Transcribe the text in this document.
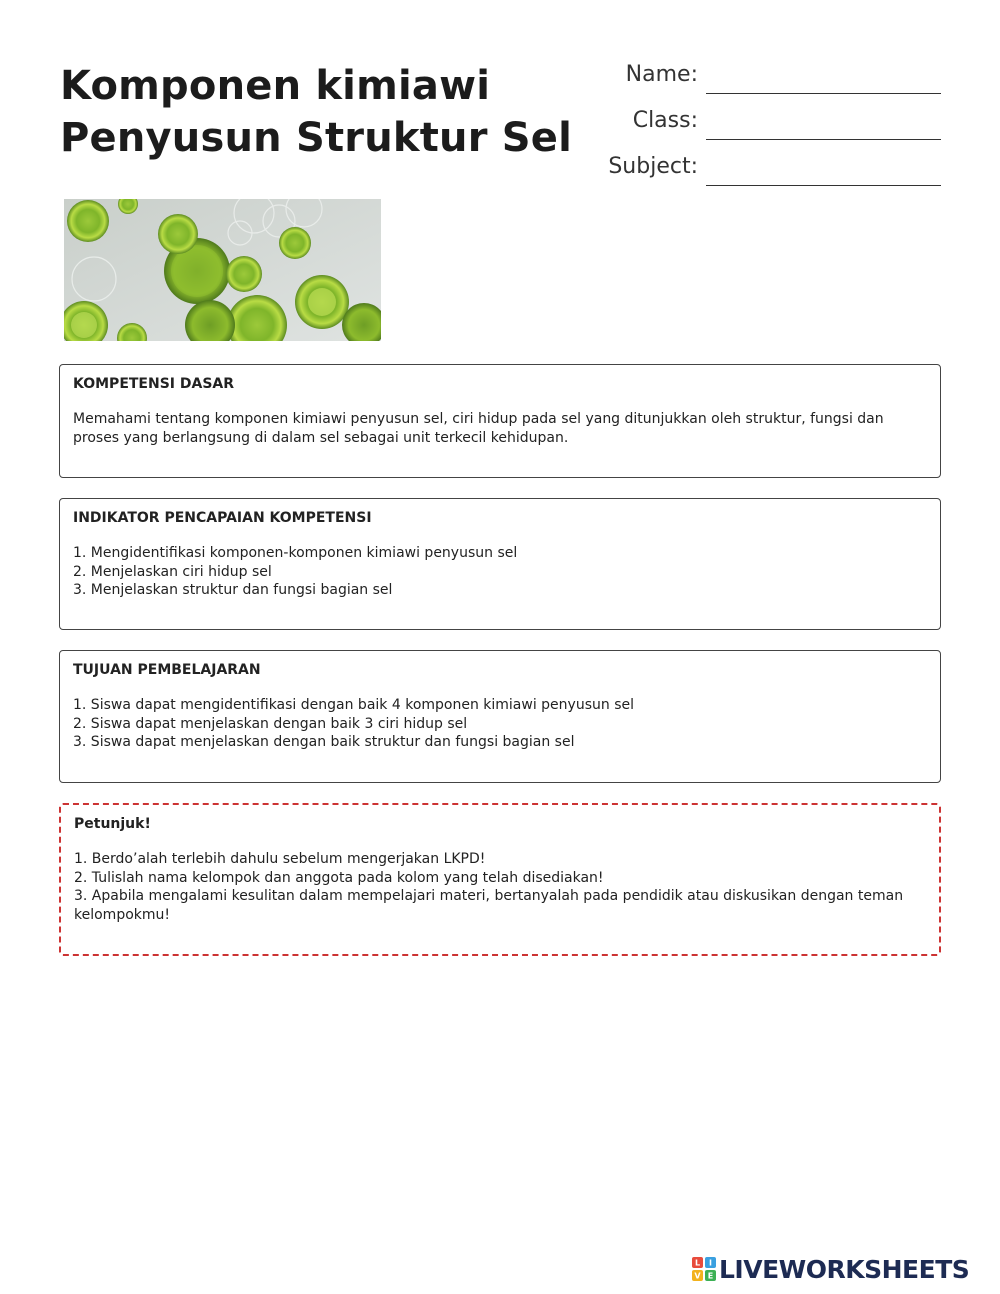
Komponen kimiawi
Penyusun Struktur Sel
Name:
Class:
Subject:
KOMPETENSI DASAR
Memahami tentang komponen kimiawi penyusun sel, ciri hidup pada sel yang ditunjukkan oleh struktur, fungsi dan proses yang berlangsung di dalam sel sebagai unit terkecil kehidupan.
INDIKATOR PENCAPAIAN KOMPETENSI
1. Mengidentifikasi komponen-komponen kimiawi penyusun sel
2. Menjelaskan ciri hidup sel
3. Menjelaskan struktur dan fungsi bagian sel
TUJUAN PEMBELAJARAN
1. Siswa dapat mengidentifikasi dengan baik 4 komponen kimiawi penyusun sel
2. Siswa dapat menjelaskan dengan baik 3 ciri hidup sel
3. Siswa dapat menjelaskan dengan baik struktur dan fungsi bagian sel
Petunjuk!
1. Berdo’alah terlebih dahulu sebelum mengerjakan LKPD!
2. Tulislah nama kelompok dan anggota pada kolom yang telah disediakan!
3. Apabila mengalami kesulitan dalam mempelajari materi, bertanyalah pada pendidik atau diskusikan dengan teman kelompokmu!
L I
V E LIVEWORKSHEETS
